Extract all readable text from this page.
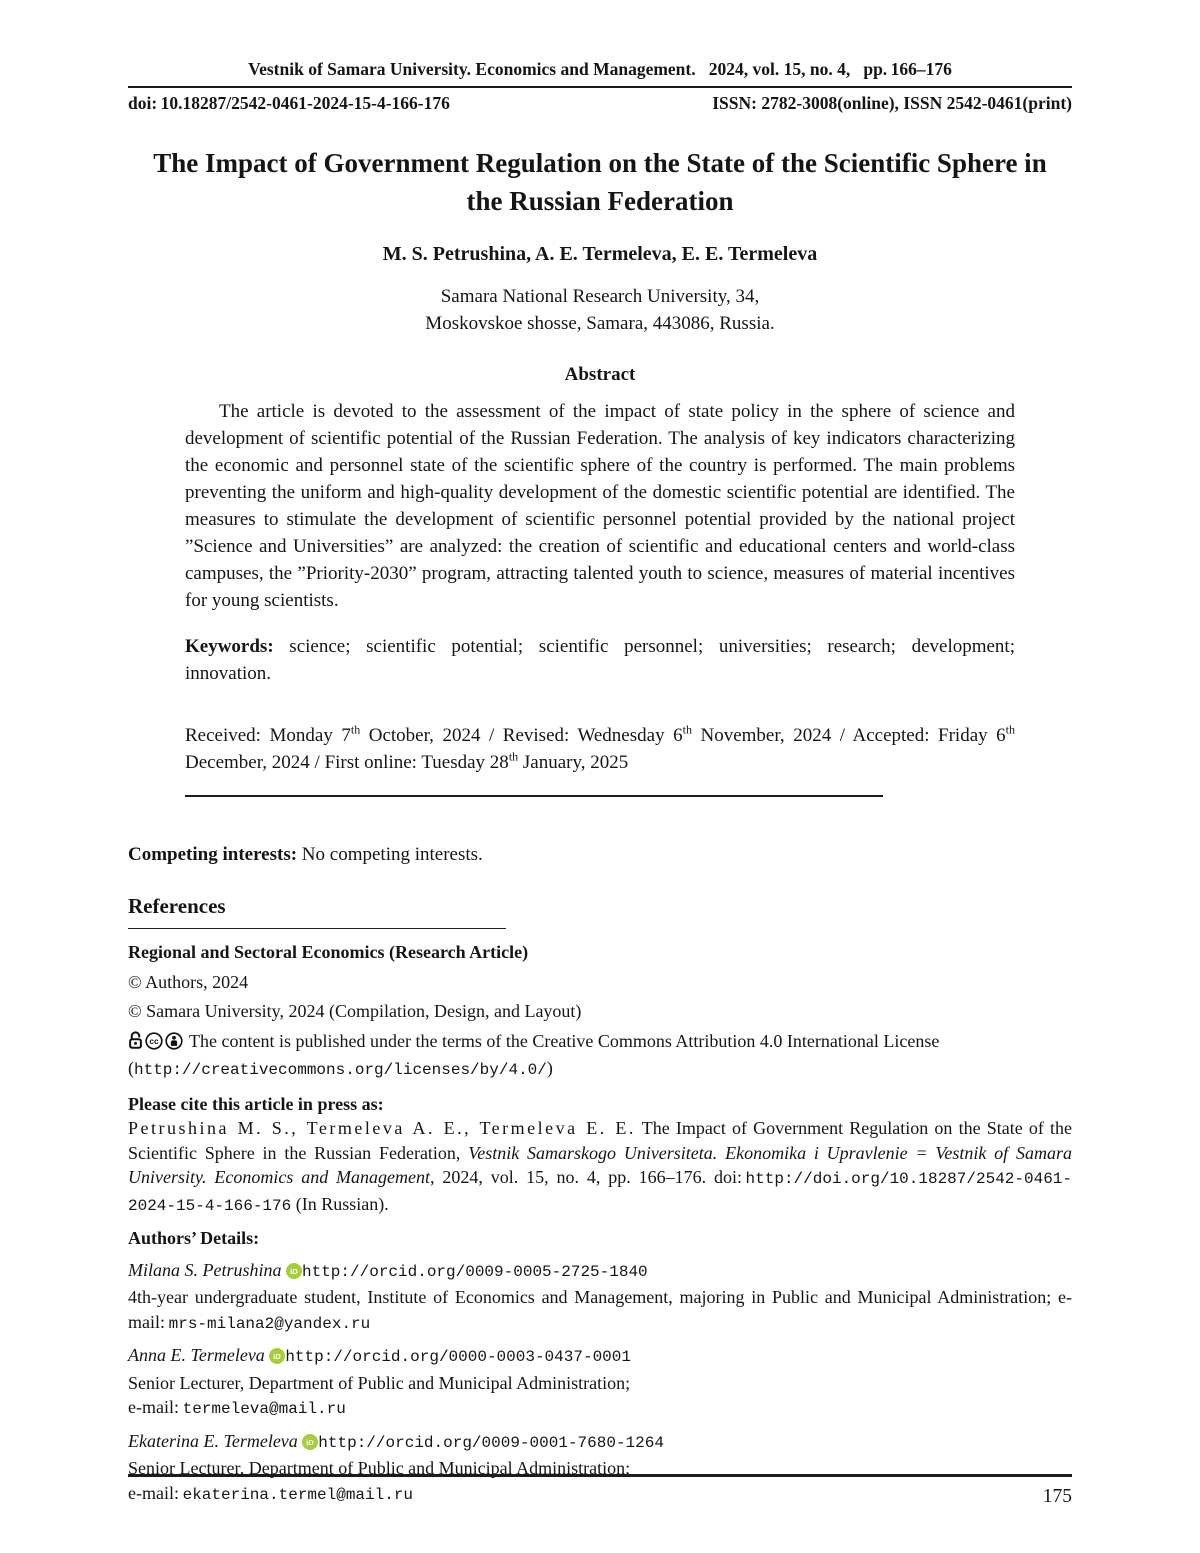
Vestnik of Samara University. Economics and Management.  2024, vol. 15, no. 4,  pp. 166–176
doi: 10.18287/2542-0461-2024-15-4-166-176	ISSN: 2782-3008(online), ISSN 2542-0461(print)
The Impact of Government Regulation on the State of the Scientific Sphere in the Russian Federation
M. S. Petrushina, A. E. Termeleva, E. E. Termeleva
Samara National Research University, 34,
Moskovskoe shosse, Samara, 443086, Russia.
Abstract

The article is devoted to the assessment of the impact of state policy in the sphere of science and development of scientific potential of the Russian Federation. The analysis of key indicators characterizing the economic and personnel state of the scientific sphere of the country is performed. The main problems preventing the uniform and high-quality development of the domestic scientific potential are identified. The measures to stimulate the development of scientific personnel potential provided by the national project ”Science and Universities” are analyzed: the creation of scientific and educational centers and world-class campuses, the ”Priority-2030” program, attracting talented youth to science, measures of material incentives for young scientists.

Keywords: science; scientific potential; scientific personnel; universities; research; development; innovation.

Received: Monday 7th October, 2024 / Revised: Wednesday 6th November, 2024 / Accepted: Friday 6th December, 2024 / First online: Tuesday 28th January, 2025

Competing interests: No competing interests.

References

Regional and Sectoral Economics (Research Article)

© Authors, 2024

© Samara University, 2024 (Compilation, Design, and Layout)

cc The content is published under the terms of the Creative Commons Attribution 4.0 International License
(http://creativecommons.org/licenses/by/4.0/)

Please cite this article in press as:

Petrushina M. S., Termeleva A. E., Termeleva E. E. The Impact of Government Regulation on the State of the Scientific Sphere in the Russian Federation, Vestnik Samarskogo Universiteta. Ekonomika i Upravlenie = Vestnik of Samara University. Economics and Management, 2024, vol. 15, no. 4, pp. 166–176. doi: http://doi.org/10.18287/2542-0461-2024-15-4-166-176 (In Russian).

Authors’ Details:

Milana S. Petrushina iD http://orcid.org/0009-0005-2725-1840

4th-year undergraduate student, Institute of Economics and Management, majoring in Public and Municipal Administration; e-mail: mrs-milana2@yandex.ru

Anna E. Termeleva iD http://orcid.org/0000-0003-0437-0001

Senior Lecturer, Department of Public and Municipal Administration;

e-mail: termeleva@mail.ru

Ekaterina E. Termeleva iD http://orcid.org/0009-0001-7680-1264

Senior Lecturer, Department of Public and Municipal Administration;

e-mail: ekaterina.termel@mail.ru	175
